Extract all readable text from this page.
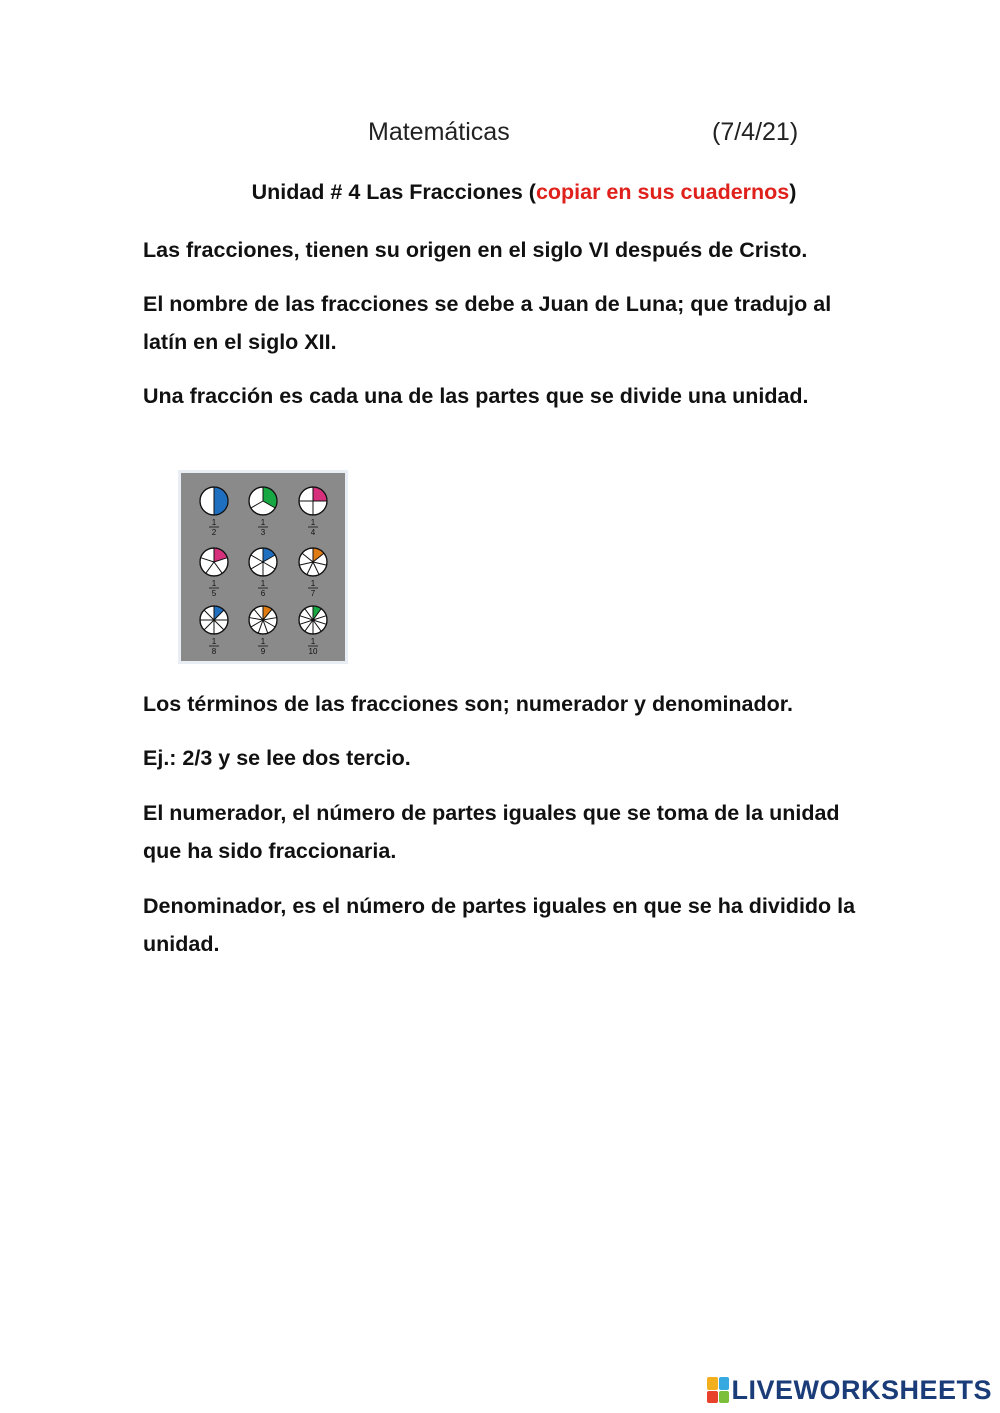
Matemáticas	(7/4/21)
Unidad # 4 Las Fracciones (copiar en sus cuadernos)

Las fracciones, tienen su origen en el siglo VI después de Cristo.

El nombre de las fracciones se debe a Juan de Luna; que tradujo al latín en el siglo XII.

Una fracción es cada una de las partes que se divide una unidad.

1
2
1
3
1
4
1
5
1
6
1
7
1
8
1
9
1
10

Los términos de las fracciones son; numerador y denominador.

Ej.: 2/3 y se lee dos tercio.

El numerador, el número de partes iguales que se toma de la unidad que ha sido fraccionaria.

Denominador, es el número de partes iguales en que se ha dividido la unidad.

LIVEWORKSHEETS
